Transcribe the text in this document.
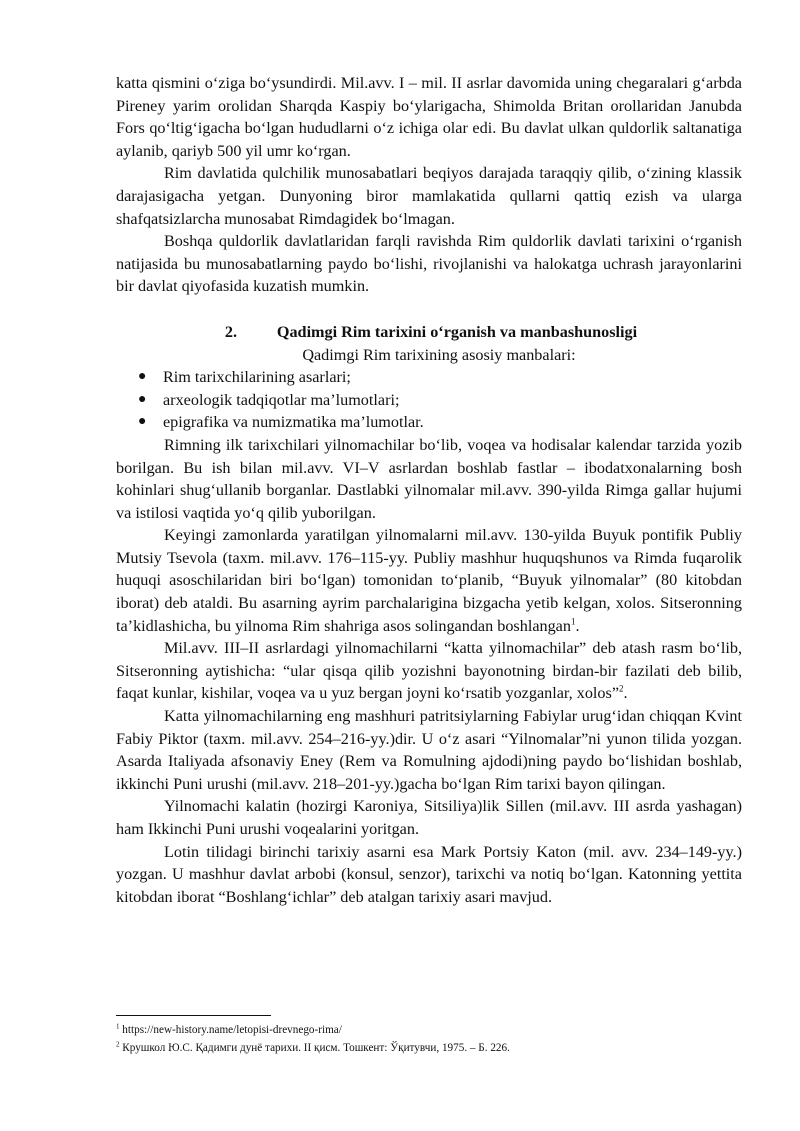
katta qismini o‘ziga bo‘ysundirdi. Mil.avv. I – mil. II asrlar davomida uning chegaralari g‘arbda Pireney yarim orolidan Sharqda Kaspiy bo‘ylarigacha, Shimolda Britan orollaridan Janubda Fors qo‘ltig‘igacha bo‘lgan hududlarni o‘z ichiga olar edi. Bu davlat ulkan quldorlik saltanatiga aylanib, qariyb 500 yil umr ko‘rgan.

Rim davlatida qulchilik munosabatlari beqiyos darajada taraqqiy qilib, o‘zining klassik darajasigacha yetgan. Dunyoning biror mamlakatida qullarni qattiq ezish va ularga shafqatsizlarcha munosabat Rimdagidek bo‘lmagan.

Boshqa quldorlik davlatlaridan farqli ravishda Rim quldorlik davlati tarixini o‘rganish natijasida bu munosabatlarning paydo bo‘lishi, rivojlanishi va halokatga uchrash jarayonlarini bir davlat qiyofasida kuzatish mumkin.

2. Qadimgi Rim tarixini o‘rganish va manbashunosligi
Qadimgi Rim tarixining asosiy manbalari:
● Rim tarixchilarining asarlari;
● arxeologik tadqiqotlar ma’lumotlari;
● epigrafika va numizmatika ma’lumotlar.

Rimning ilk tarixchilari yilnomachilar bo‘lib, voqea va hodisalar kalendar tarzida yozib borilgan. Bu ish bilan mil.avv. VI–V asrlardan boshlab fastlar – ibodatxonalarning bosh kohinlari shug‘ullanib borganlar. Dastlabki yilnomalar mil.avv. 390-yilda Rimga gallar hujumi va istilosi vaqtida yo‘q qilib yuborilgan.

Keyingi zamonlarda yaratilgan yilnomalarni mil.avv. 130-yilda Buyuk pontifik Publiy Mutsiy Tsevola (taxm. mil.avv. 176–115-yy. Publiy mashhur huquqshunos va Rimda fuqarolik huquqi asoschilaridan biri bo‘lgan) tomonidan to‘planib, “Buyuk yilnomalar” (80 kitobdan iborat) deb ataldi. Bu asarning ayrim parchalarigina bizgacha yetib kelgan, xolos. Sitseronning ta’kidlashicha, bu yilnoma Rim shahriga asos solingandan boshlangan$^1$.

Mil.avv. III–II asrlardagi yilnomachilarni “katta yilnomachilar” deb atash rasm bo‘lib, Sitseronning aytishicha: “ular qisqa qilib yozishni bayonotning birdan-bir fazilati deb bilib, faqat kunlar, kishilar, voqea va u yuz bergan joyni ko‘rsatib yozganlar, xolos”$^2$.

Katta yilnomachilarning eng mashhuri patritsiylarning Fabiylar urug‘idan chiqqan Kvint Fabiy Piktor (taxm. mil.avv. 254–216-yy.)dir. U o‘z asari “Yilnomalar”ni yunon tilida yozgan. Asarda Italiyada afsonaviy Eney (Rem va Romulning ajdodi)ning paydo bo‘lishidan boshlab, ikkinchi Puni urushi (mil.avv. 218–201-yy.)gacha bo‘lgan Rim tarixi bayon qilingan.

Yilnomachi kalatin (hozirgi Karoniya, Sitsiliya)lik Sillen (mil.avv. III asrda yashagan) ham Ikkinchi Puni urushi voqealarini yoritgan.

Lotin tilidagi birinchi tarixiy asarni esa Mark Portsiy Katon (mil. avv. 234–149-yy.) yozgan. U mashhur davlat arbobi (konsul, senzor), tarixchi va notiq bo‘lgan. Katonning yettita kitobdan iborat “Boshlang‘ichlar” deb atalgan tarixiy asari mavjud.

$^1$ https://new-history.name/letopisi-drevnego-rima/
$^2$ Крушкол Ю.С. Қадимги дунё тарихи. II қисм. Тошкент: Ўқитувчи, 1975. – Б. 226.
